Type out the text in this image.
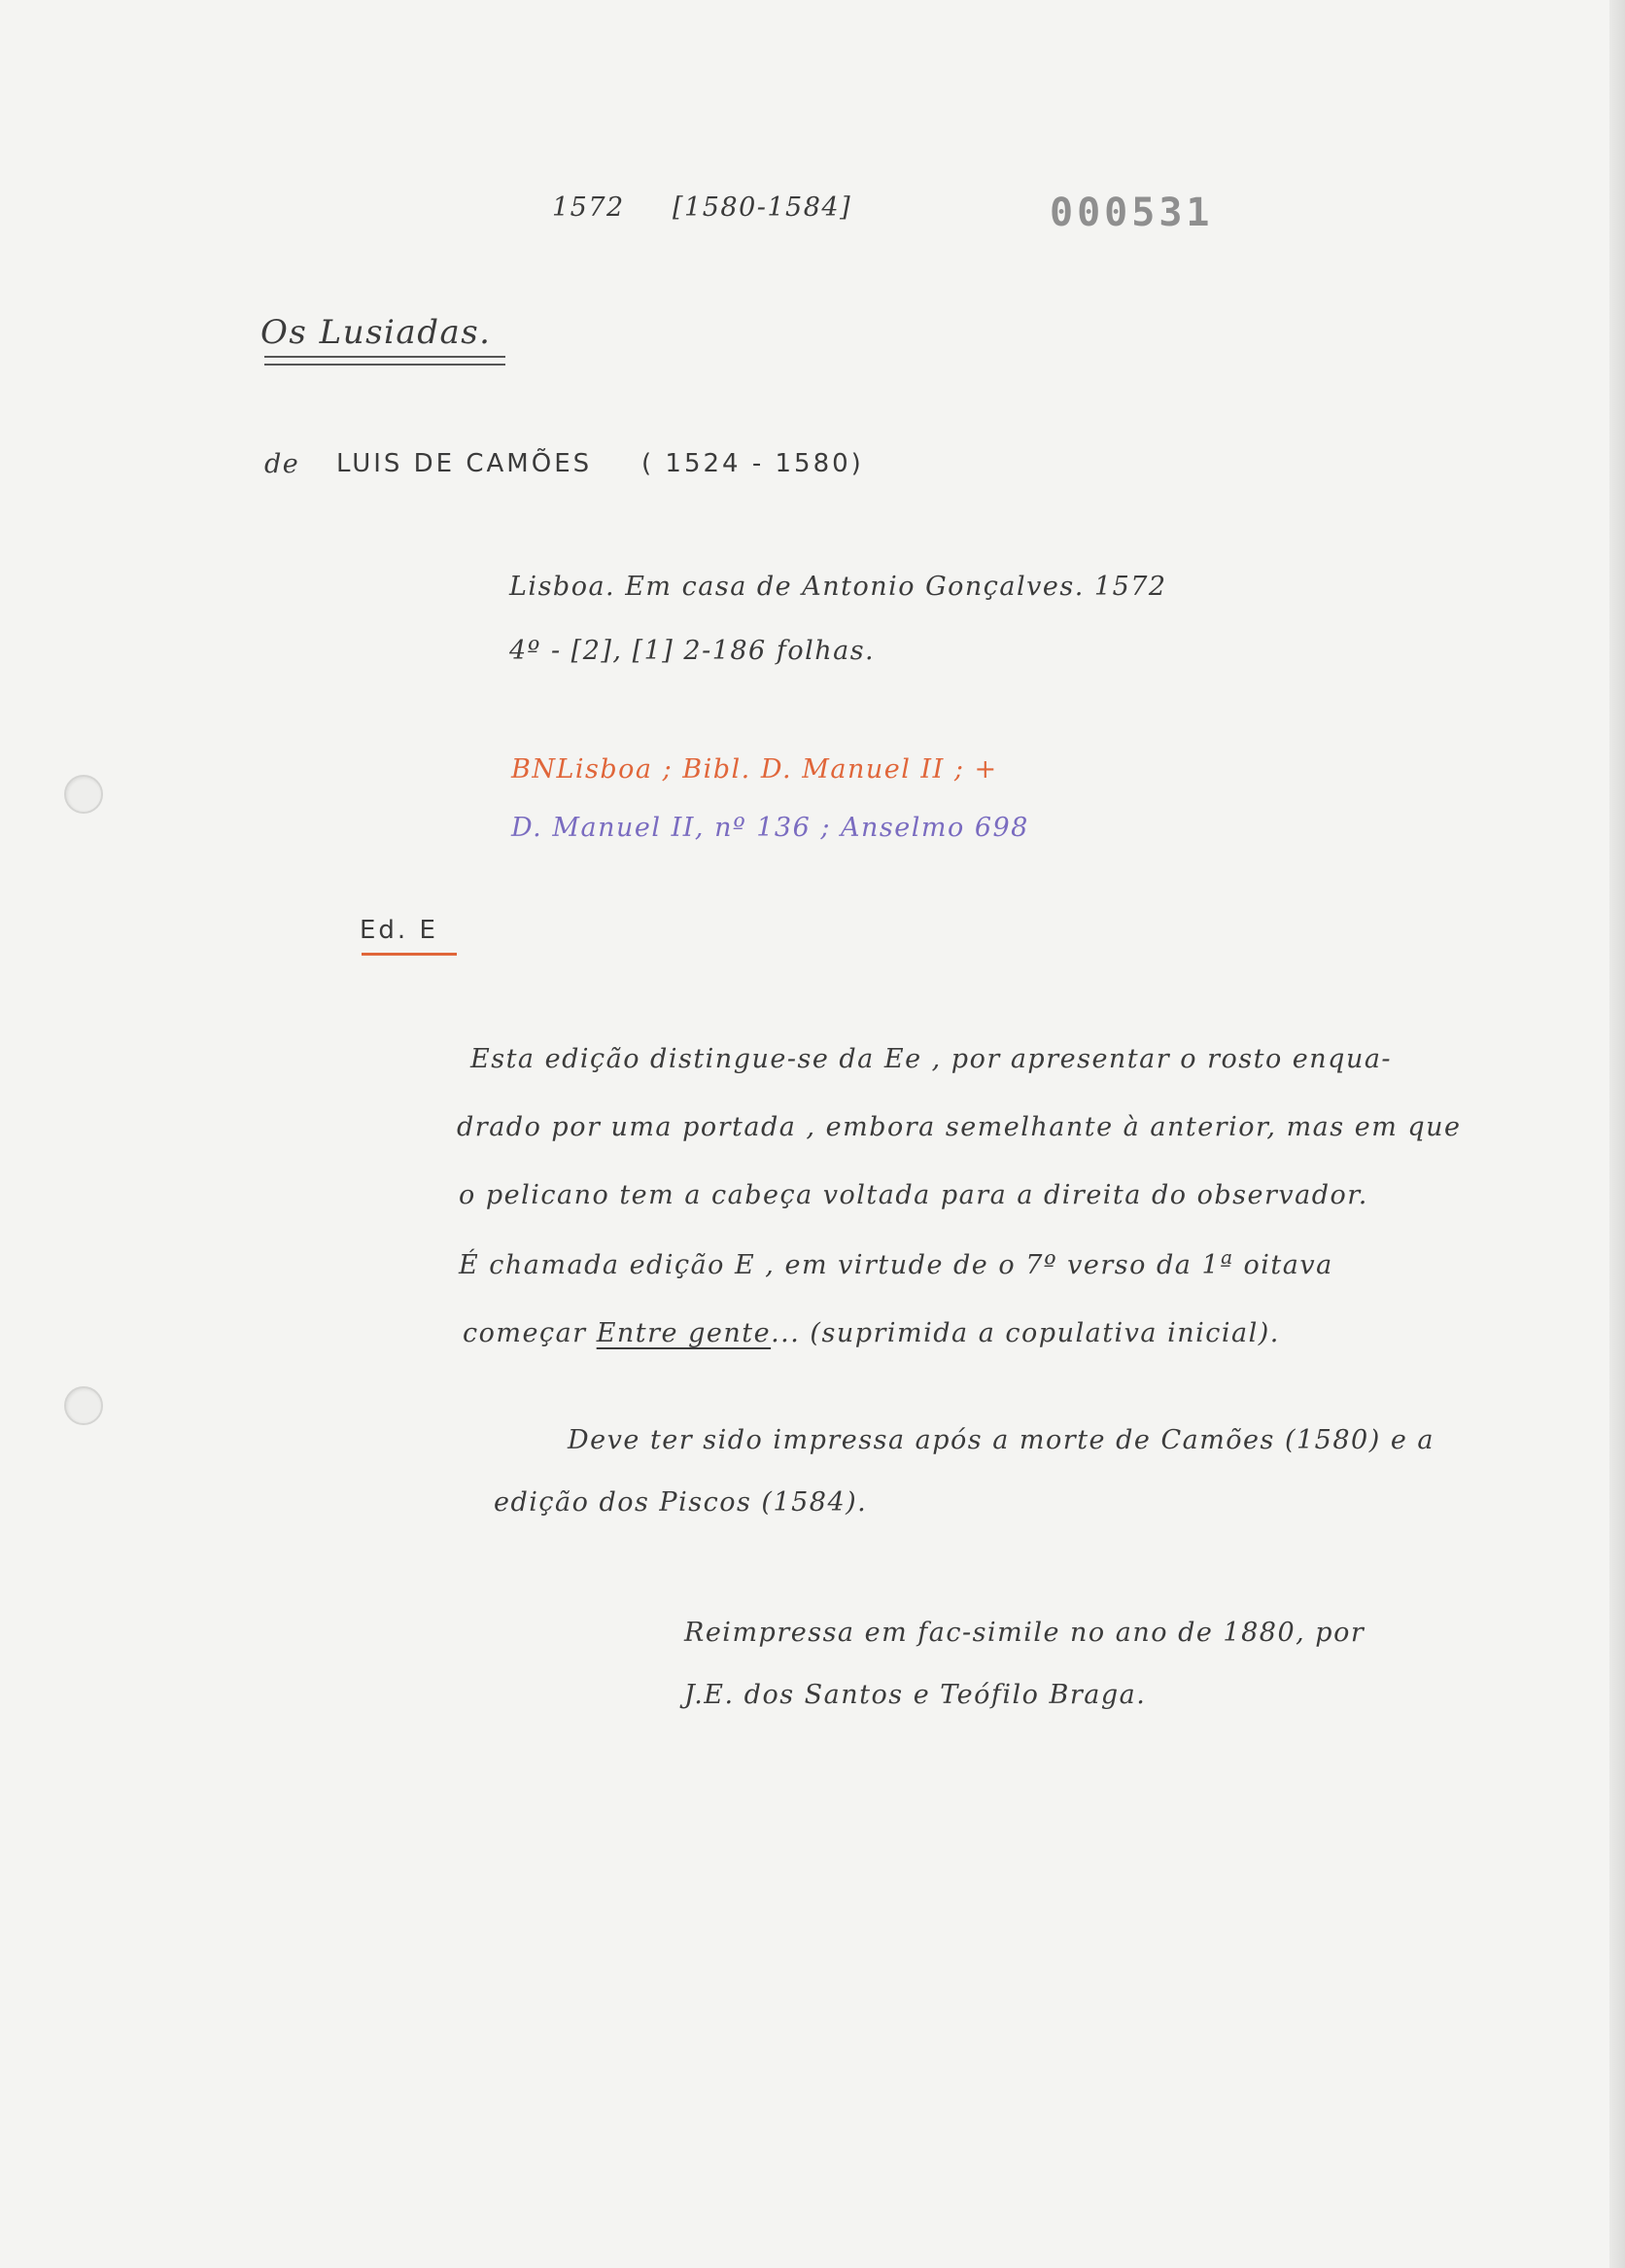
1572 [1580-1584]	000531
Os Lusiadas.
de LUIS DE CAMÕES ( 1524 - 1580)
Lisboa. Em casa de Antonio Gonçalves. 1572
4º - [2], [1] 2-186 folhas.
BNLisboa ; Bibl. D. Manuel II ; +
D. Manuel II, nº 136 ; Anselmo 698
Ed. E
Esta edição distingue-se da Ee , por apresentar o rosto enqua-
drado por uma portada , embora semelhante à anterior, mas em que
o pelicano tem a cabeça voltada para a direita do observador.
É chamada edição E , em virtude de o 7º verso da 1ª oitava
começar Entre gente... (suprimida a copulativa inicial).
Deve ter sido impressa após a morte de Camões (1580) e a
edição dos Piscos (1584).
Reimpressa em fac-simile no ano de 1880, por
J.E. dos Santos e Teófilo Braga.
